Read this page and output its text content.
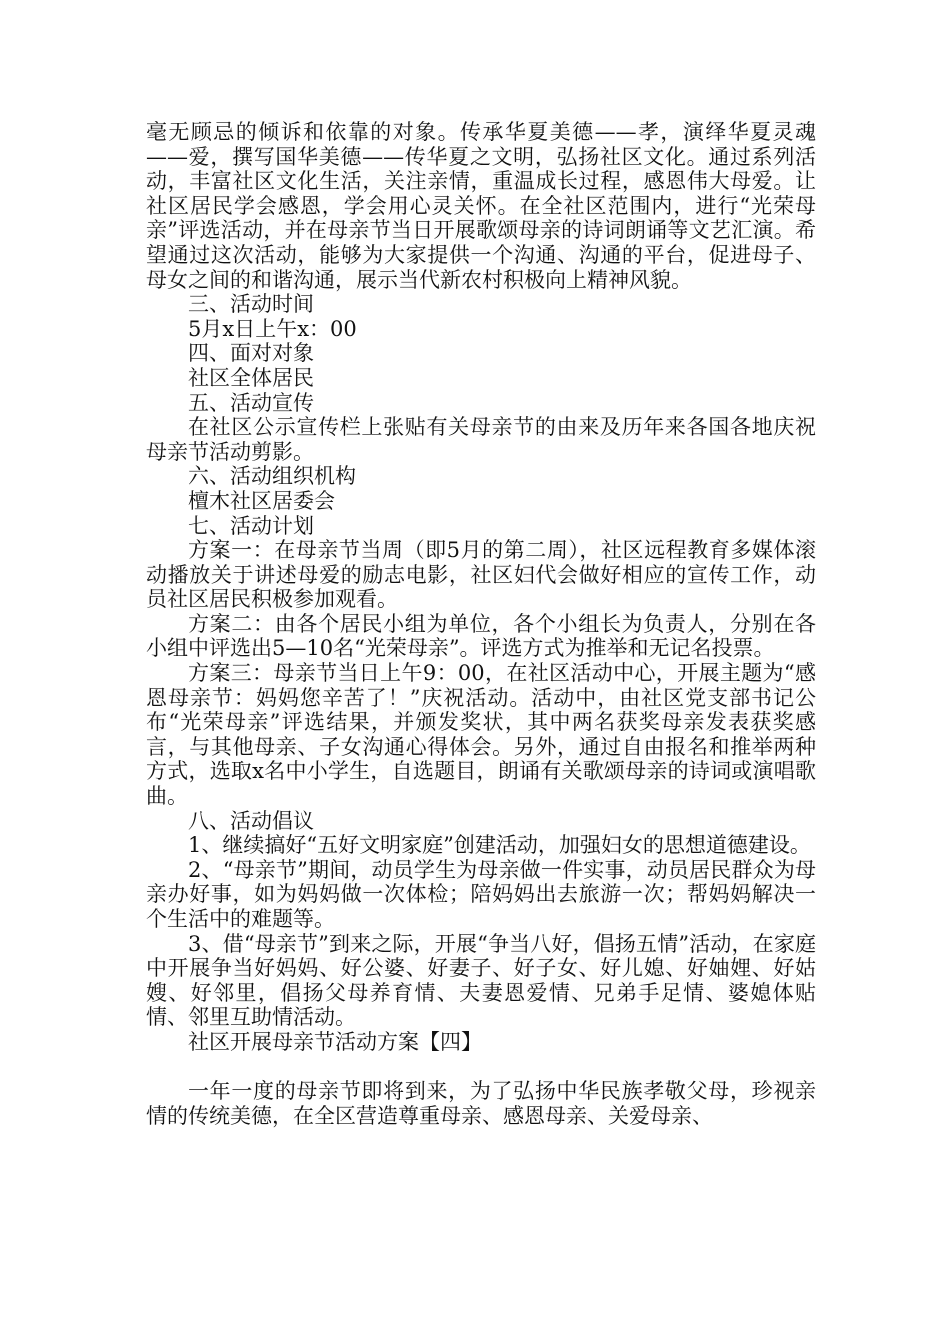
毫无顾忌的倾诉和依靠的对象。传承华夏美德——孝，演绎华夏灵魂——爱，撰写国华美德——传华夏之文明，弘扬社区文化。通过系列活动，丰富社区文化生活，关注亲情，重温成长过程，感恩伟大母爱。让社区居民学会感恩，学会用心灵关怀。在全社区范围内，进行“光荣母亲”评选活动，并在母亲节当日开展歌颂母亲的诗词朗诵等文艺汇演。希望通过这次活动，能够为大家提供一个沟通、沟通的平台，促进母子、母女之间的和谐沟通，展示当代新农村积极向上精神风貌。

三、活动时间

5月x日上午x：00

四、面对对象

社区全体居民

五、活动宣传

在社区公示宣传栏上张贴有关母亲节的由来及历年来各国各地庆祝母亲节活动剪影。

六、活动组织机构

檀木社区居委会

七、活动计划

方案一：在母亲节当周（即5月的第二周），社区远程教育多媒体滚动播放关于讲述母爱的励志电影，社区妇代会做好相应的宣传工作，动员社区居民积极参加观看。

方案二：由各个居民小组为单位，各个小组长为负责人，分别在各小组中评选出5—10名“光荣母亲”。评选方式为推举和无记名投票。

方案三：母亲节当日上午9：00，在社区活动中心，开展主题为“感恩母亲节：妈妈您辛苦了！”庆祝活动。活动中，由社区党支部书记公布“光荣母亲”评选结果，并颁发奖状，其中两名获奖母亲发表获奖感言，与其他母亲、子女沟通心得体会。另外，通过自由报名和推举两种方式，选取x名中小学生，自选题目，朗诵有关歌颂母亲的诗词或演唱歌曲。

八、活动倡议

1、继续搞好“五好文明家庭”创建活动，加强妇女的思想道德建设。

2、“母亲节”期间，动员学生为母亲做一件实事，动员居民群众为母亲办好事，如为妈妈做一次体检；陪妈妈出去旅游一次；帮妈妈解决一个生活中的难题等。

3、借“母亲节”到来之际，开展“争当八好，倡扬五情”活动，在家庭中开展争当好妈妈、好公婆、好妻子、好子女、好儿媳、好妯娌、好姑嫂、好邻里，倡扬父母养育情、夫妻恩爱情、兄弟手足情、婆媳体贴情、邻里互助情活动。

社区开展母亲节活动方案【四】

一年一度的母亲节即将到来，为了弘扬中华民族孝敬父母，珍视亲情的传统美德，在全区营造尊重母亲、感恩母亲、关爱母亲、
